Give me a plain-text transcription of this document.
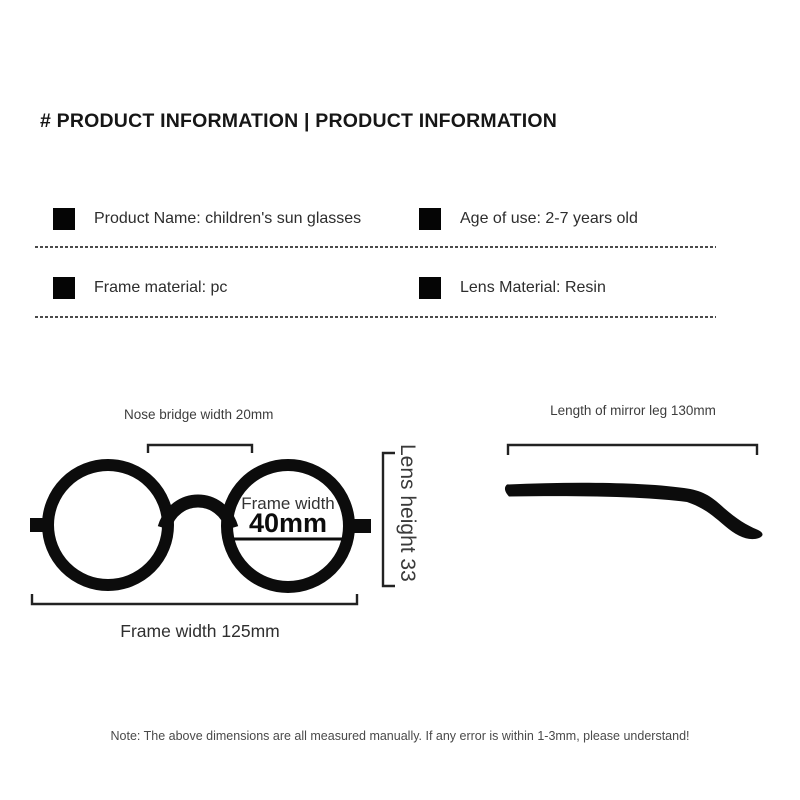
# PRODUCT INFORMATION | PRODUCT INFORMATION
Product Name: children's sun glasses	Age of use: 2-7 years old
Frame material: pc	Lens Material: Resin
Nose bridge width 20mm	Length of mirror leg 130mm
Frame width
40mm	Lens height 33
Frame width 125mm
Note: The above dimensions are all measured manually. If any error is within 1-3mm, please understand!
